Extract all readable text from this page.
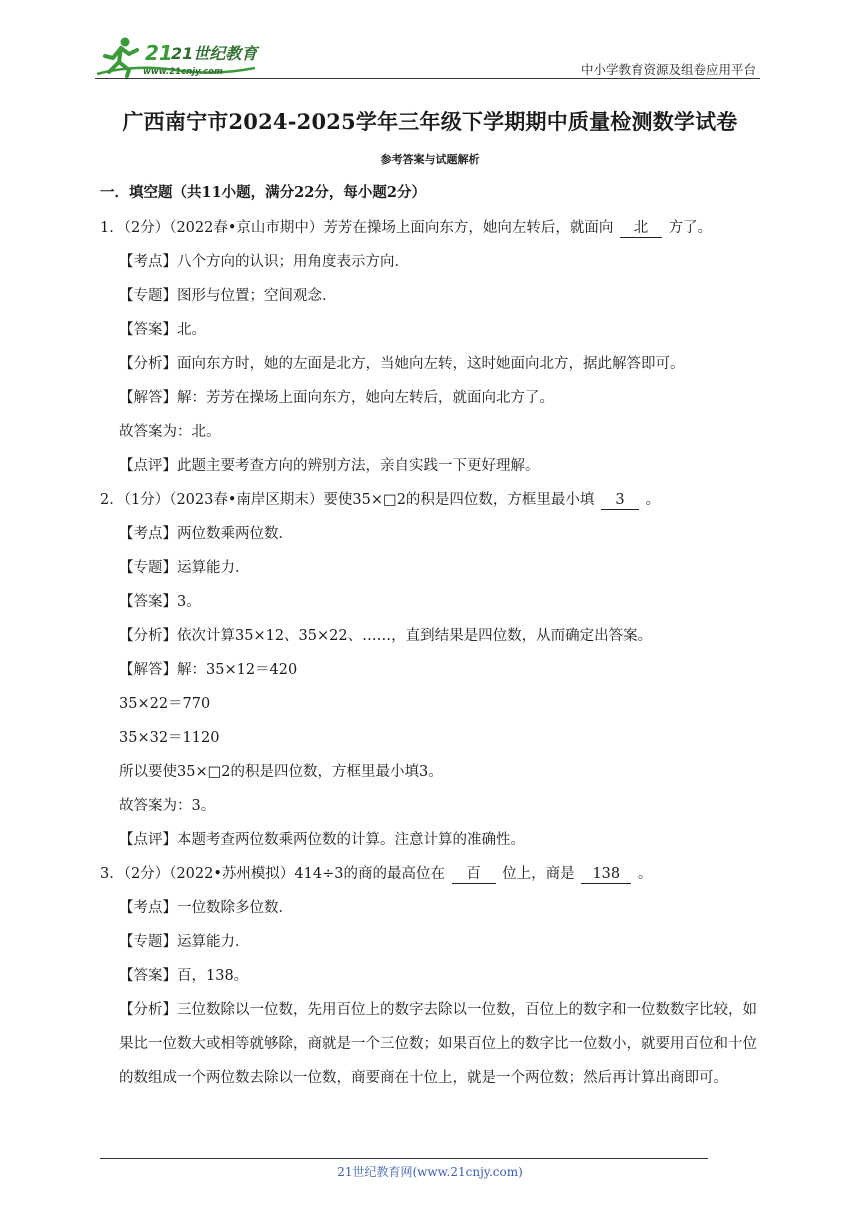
21
21世纪教育
www.21cnjy.com	中小学教育资源及组卷应用平台
广西南宁市2024-2025学年三年级下学期期中质量检测数学试卷
参考答案与试题解析
一．填空题（共11小题，满分22分，每小题2分）
1．（2分）（2022春•京山市期中）芳芳在操场上面向东方，她向左转后，就面向 北 方了。
【考点】八个方向的认识；用角度表示方向．
【专题】图形与位置；空间观念．
【答案】北。
【分析】面向东方时，她的左面是北方，当她向左转，这时她面向北方，据此解答即可。
【解答】解：芳芳在操场上面向东方，她向左转后，就面向北方了。
故答案为：北。
【点评】此题主要考查方向的辨别方法，亲自实践一下更好理解。
2．（1分）（2023春•南岸区期末）要使35×□2的积是四位数，方框里最小填 3 。
【考点】两位数乘两位数．
【专题】运算能力．
【答案】3。
【分析】依次计算35×12、35×22、……，直到结果是四位数，从而确定出答案。
【解答】解：35×12＝420
35×22＝770
35×32＝1120
所以要使35×□2的积是四位数，方框里最小填3。
故答案为：3。
【点评】本题考查两位数乘两位数的计算。注意计算的准确性。
3．（2分）（2022•苏州模拟）414÷3的商的最高位在 百 位上，商是 138 。
【考点】一位数除多位数．
【专题】运算能力．
【答案】百，138。
【分析】三位数除以一位数，先用百位上的数字去除以一位数，百位上的数字和一位数数字比较，如果比一位数大或相等就够除，商就是一个三位数；如果百位上的数字比一位数小，就要用百位和十位的数组成一个两位数去除以一位数，商要商在十位上，就是一个两位数；然后再计算出商即可。
21世纪教育网(www.21cnjy.com)
